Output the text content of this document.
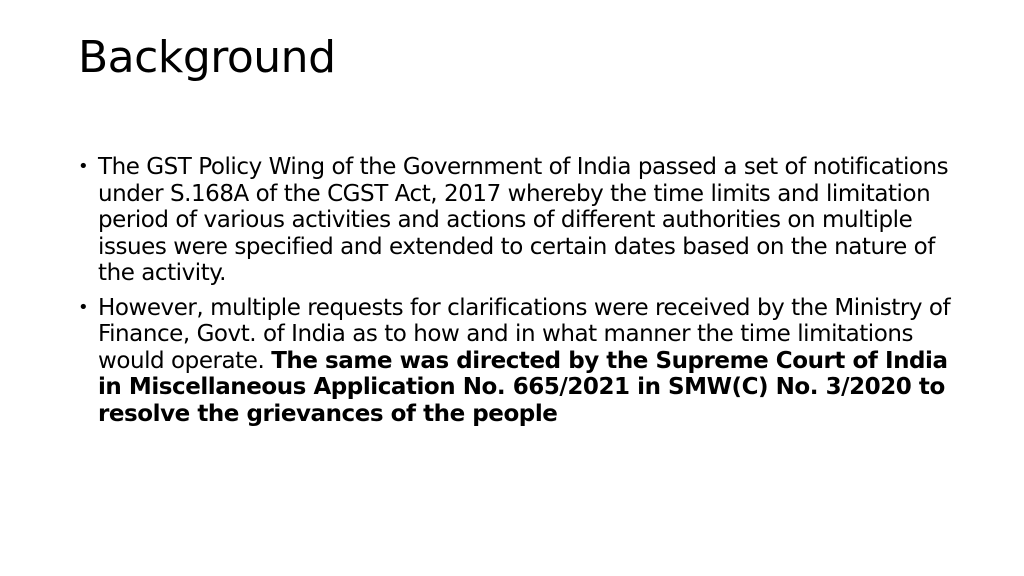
Background
• The GST Policy Wing of the Government of India passed a set of notifications under S.168A of the CGST Act, 2017 whereby the time limits and limitation period of various activities and actions of different authorities on multiple issues were specified and extended to certain dates based on the nature of the activity.
• However, multiple requests for clarifications were received by the Ministry of Finance, Govt. of India as to how and in what manner the time limitations would operate. The same was directed by the Supreme Court of India in Miscellaneous Application No. 665/2021 in SMW(C) No. 3/2020 to resolve the grievances of the people
